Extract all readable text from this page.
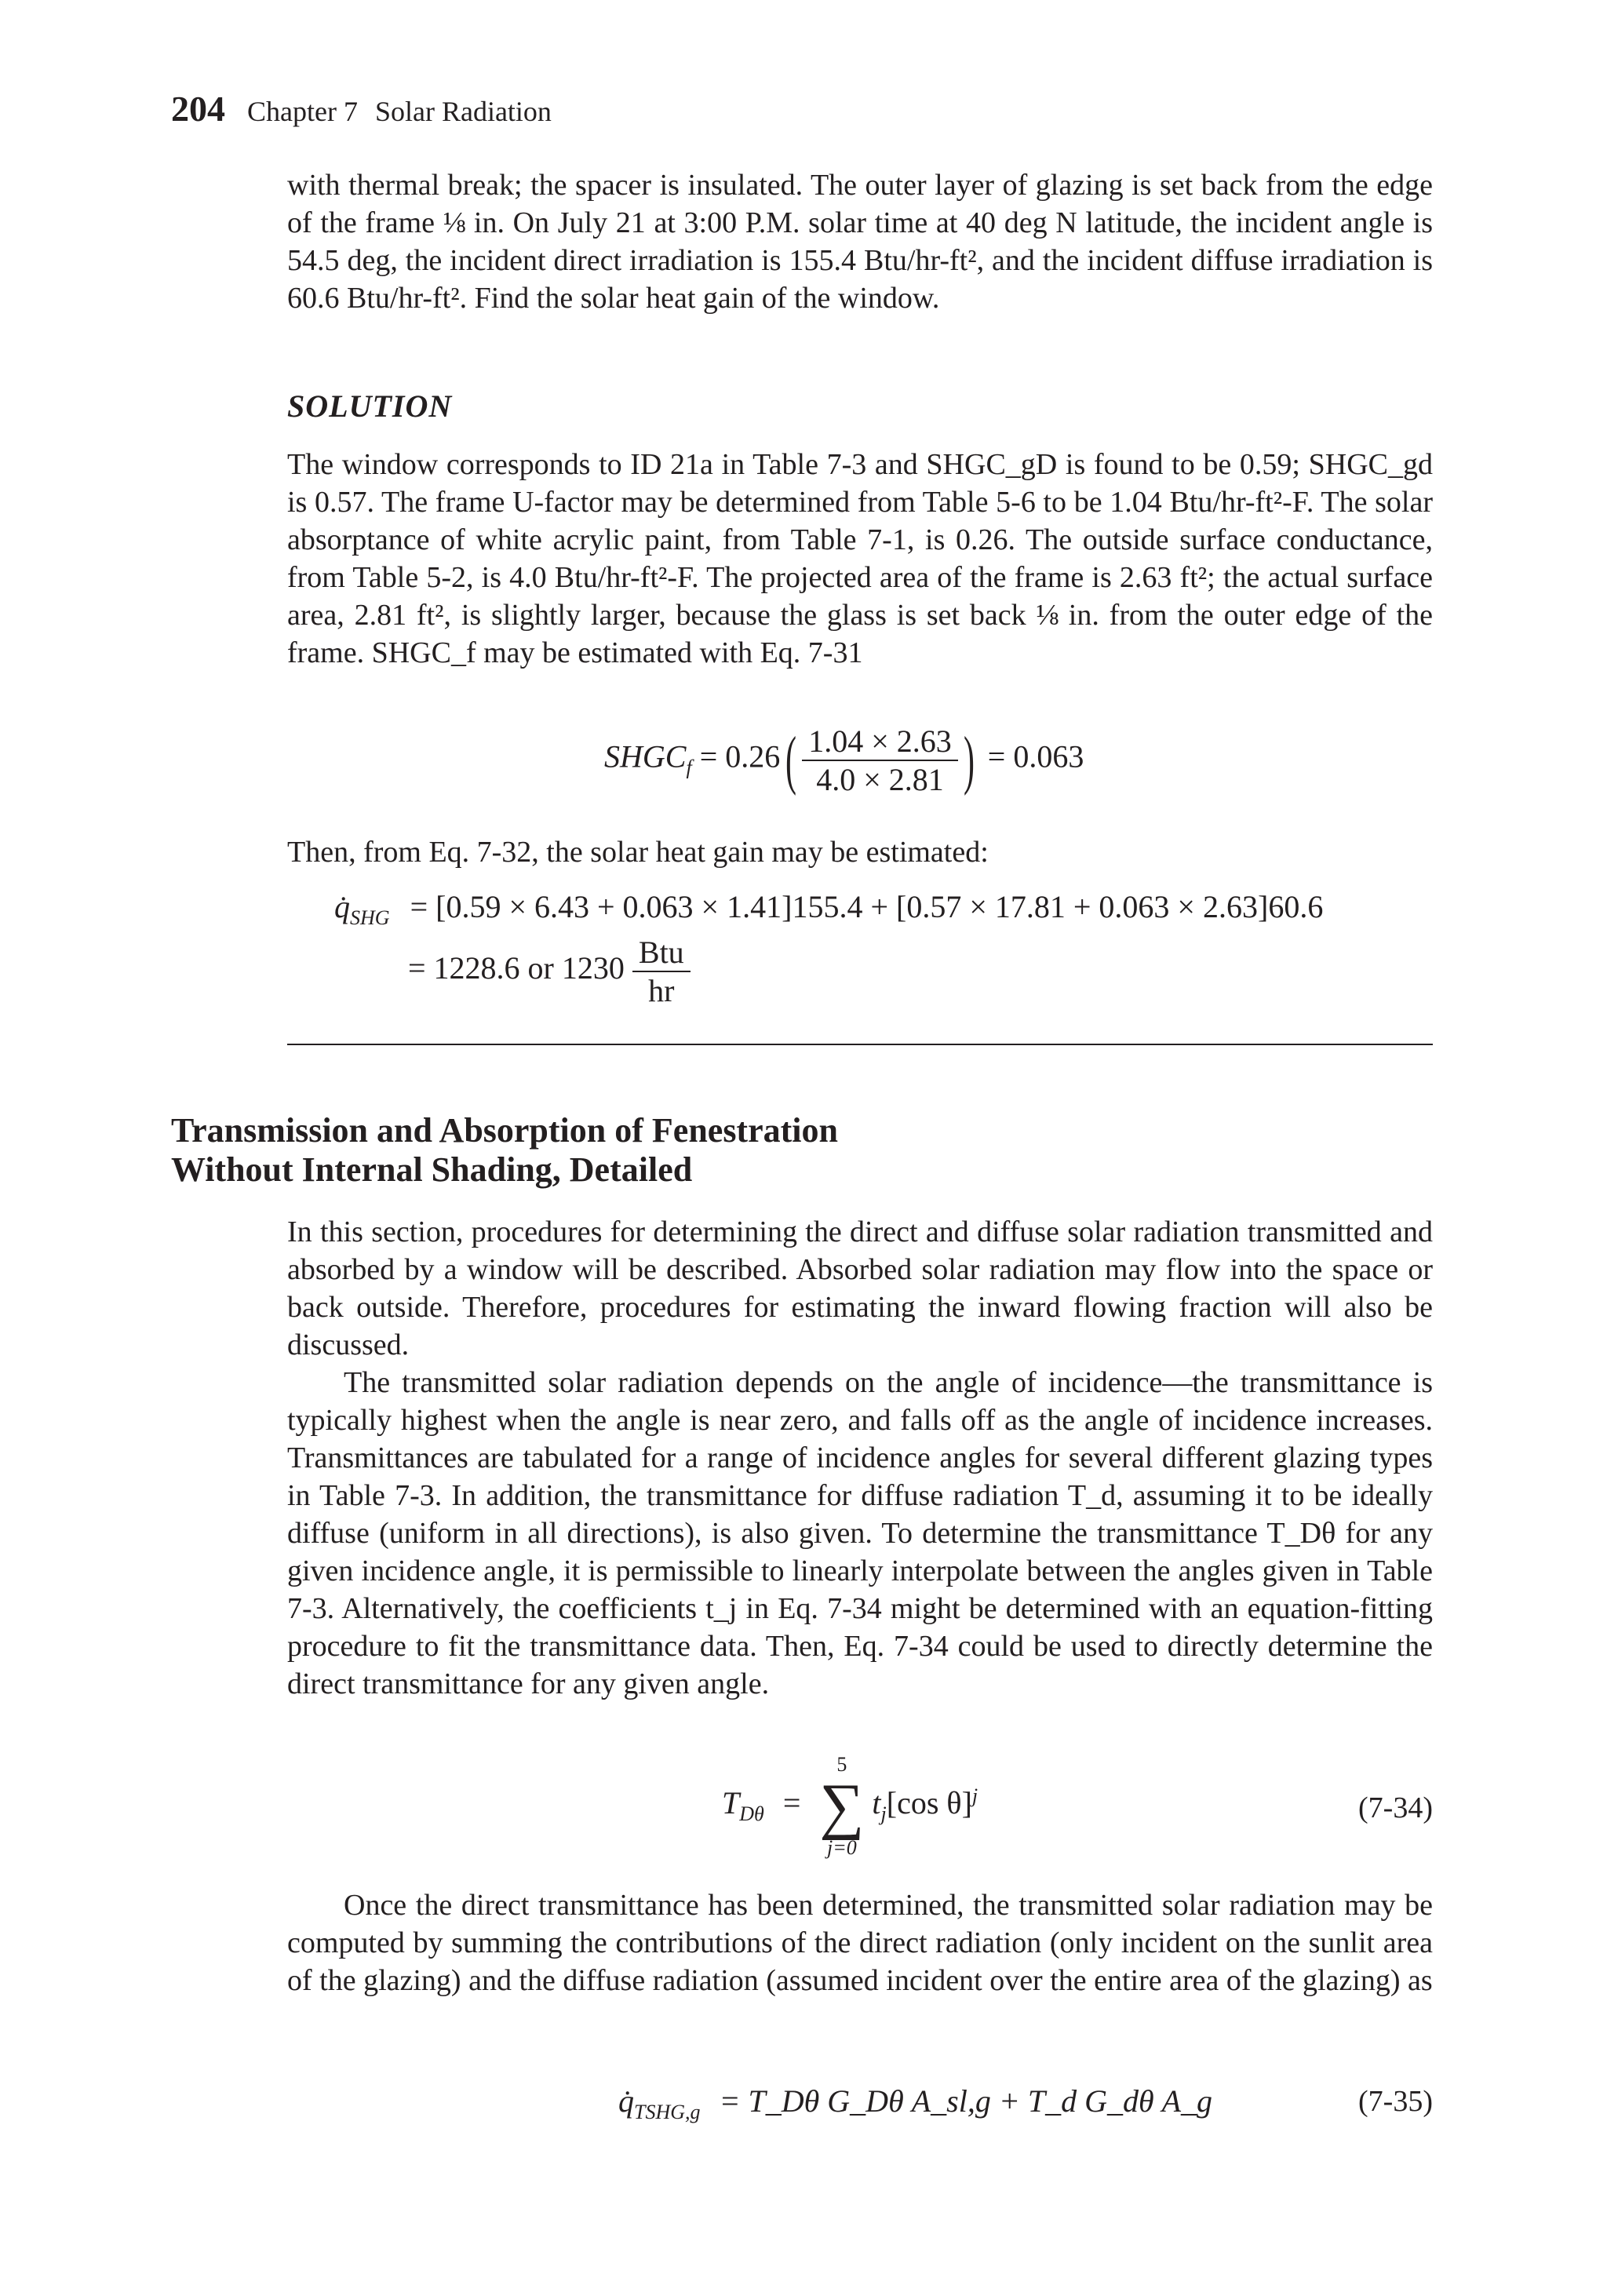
204 Chapter 7 Solar Radiation

with thermal break; the spacer is insulated. The outer layer of glazing is set back from the edge of the frame ⅛ in. On July 21 at 3:00 P.M. solar time at 40 deg N latitude, the incident angle is 54.5 deg, the incident direct irradiation is 155.4 Btu/hr-ft², and the incident diffuse irradiation is 60.6 Btu/hr-ft². Find the solar heat gain of the window.

SOLUTION

The window corresponds to ID 21a in Table 7-3 and SHGC_gD is found to be 0.59; SHGC_gd is 0.57. The frame U-factor may be determined from Table 5-6 to be 1.04 Btu/hr-ft²-F. The solar absorptance of white acrylic paint, from Table 7-1, is 0.26. The outside surface conductance, from Table 5-2, is 4.0 Btu/hr-ft²-F. The projected area of the frame is 2.63 ft²; the actual surface area, 2.81 ft², is slightly larger, because the glass is set back ⅛ in. from the outer edge of the frame. SHGC_f may be estimated with Eq. 7-31

$SHGC_f = 0.26( \frac{1.04 \times 2.63}{4.0 \times 2.81}$ ) = 0.063

Then, from Eq. 7-32, the solar heat gain may be estimated:

$q̇_{SHG} = [0.59 \times 6.43 + 0.063 \times 1.41]155.4 + [0.57 \times 17.81 + 0.063 \times 2.63]60.6$
= 1228.6 or $1230 \frac{\text{Btu}}{hr}$
Transmission and Absorption of Fenestration
Without Internal Shading, Detailed

In this section, procedures for determining the direct and diffuse solar radiation transmitted and absorbed by a window will be described. Absorbed solar radiation may flow into the space or back outside. Therefore, procedures for estimating the inward flowing fraction will also be discussed.

The transmitted solar radiation depends on the angle of incidence—the transmittance is typically highest when the angle is near zero, and falls off as the angle of incidence increases. Transmittances are tabulated for a range of incidence angles for several different glazing types in Table 7-3. In addition, the transmittance for diffuse radiation T_d, assuming it to be ideally diffuse (uniform in all directions), is also given. To determine the transmittance T_Dθ for any given incidence angle, it is permissible to linearly interpolate between the angles given in Table 7-3. Alternatively, the coefficients t_j in Eq. 7-34 might be determined with an equation-fitting procedure to fit the transmittance data. Then, Eq. 7-34 could be used to directly determine the direct transmittance for any given angle.

$T_{D\theta}$ =
5
∑
j=0
$t_j[\cos$ θ]$^j$	(7-34)

Once the direct transmittance has been determined, the transmitted solar radiation may be computed by summing the contributions of the direct radiation (only incident on the sunlit area of the glazing) and the diffuse radiation (assumed incident over the entire area of the glazing) as

$q̇_{TSHG,g}$ = T_Dθ G_Dθ A_sl,g + T_d G_dθ A_g	(7-35)
